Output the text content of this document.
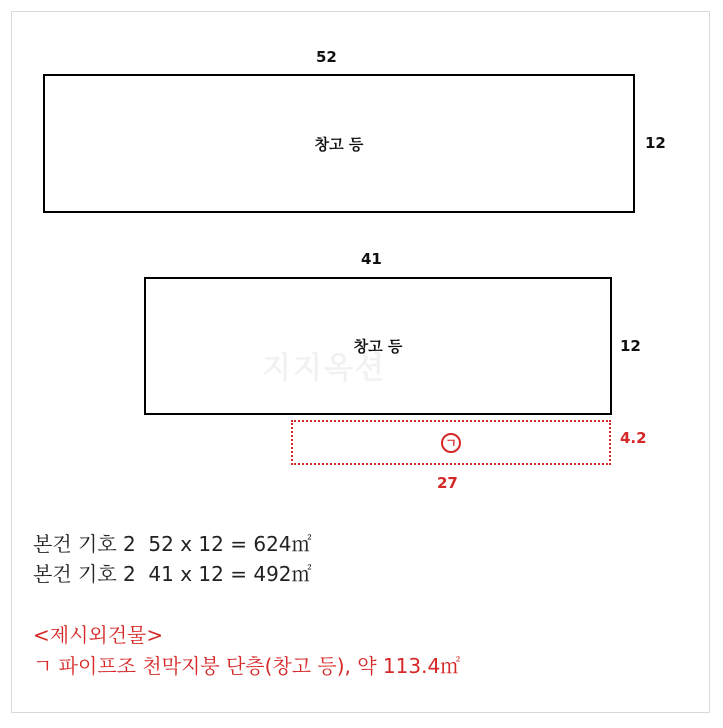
52
창고 등	12
41
창고 등	12
지지옥션
ㄱ	4.2
27
본건 기호 2  52 x 12 = 624㎡
본건 기호 2  41 x 12 = 492㎡
<제시외건물>
ㄱ 파이프조 천막지붕 단층(창고 등), 약 113.4㎡
